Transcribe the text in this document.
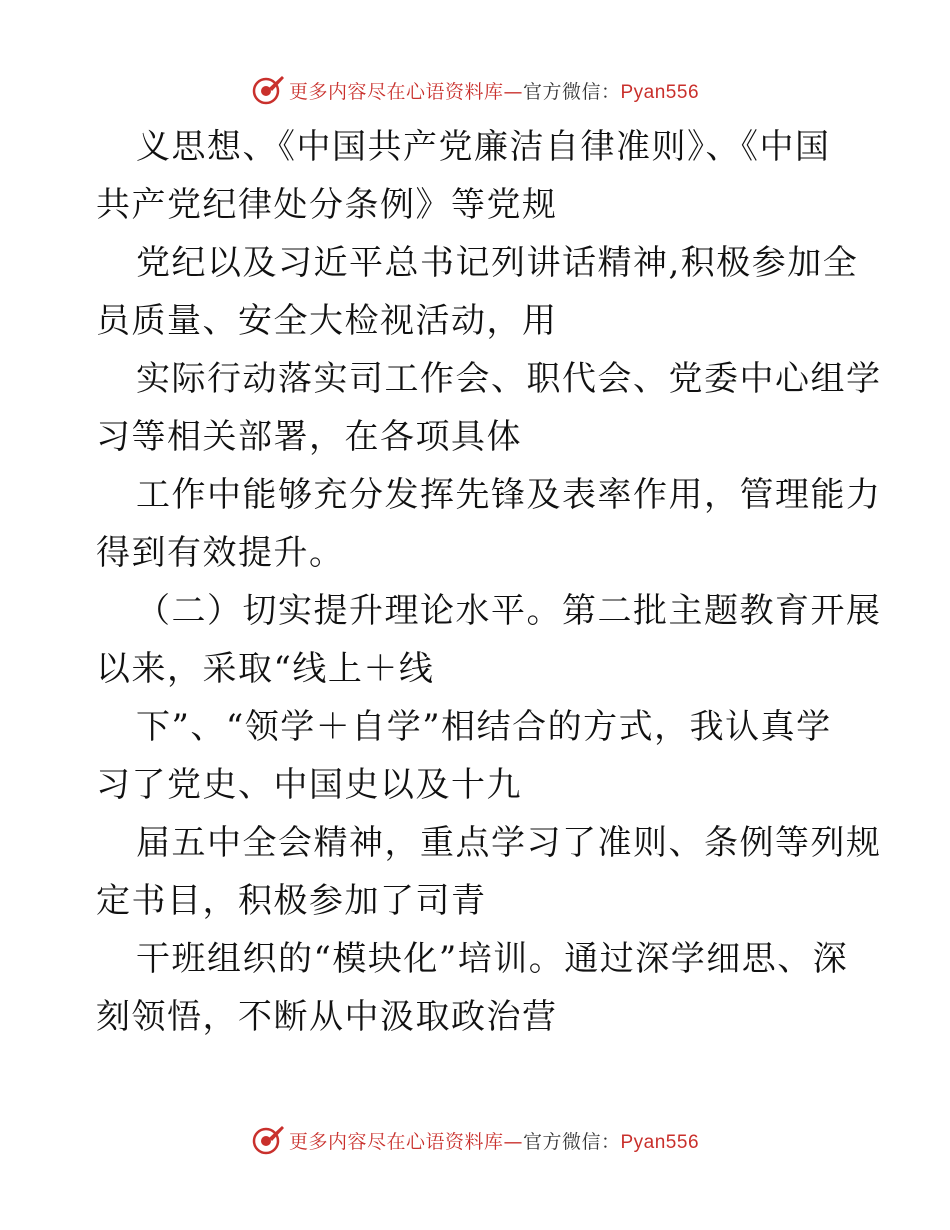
更多内容尽在心语资料库—官方微信：Pyan556
义思想、《中国共产党廉洁自律准则》、《中国
共产党纪律处分条例》等党规
党纪以及习近平总书记列讲话精神,积极参加全
员质量、安全大检视活动，用
实际行动落实司工作会、职代会、党委中心组学
习等相关部署，在各项具体
工作中能够充分发挥先锋及表率作用，管理能力
得到有效提升。
（二）切实提升理论水平。第二批主题教育开展
以来，采取“线上＋线
下”、“领学＋自学”相结合的方式，我认真学
习了党史、中国史以及十九
届五中全会精神，重点学习了准则、条例等列规
定书目，积极参加了司青
干班组织的“模块化”培训。通过深学细思、深
刻领悟，不断从中汲取政治营
更多内容尽在心语资料库—官方微信：Pyan556
